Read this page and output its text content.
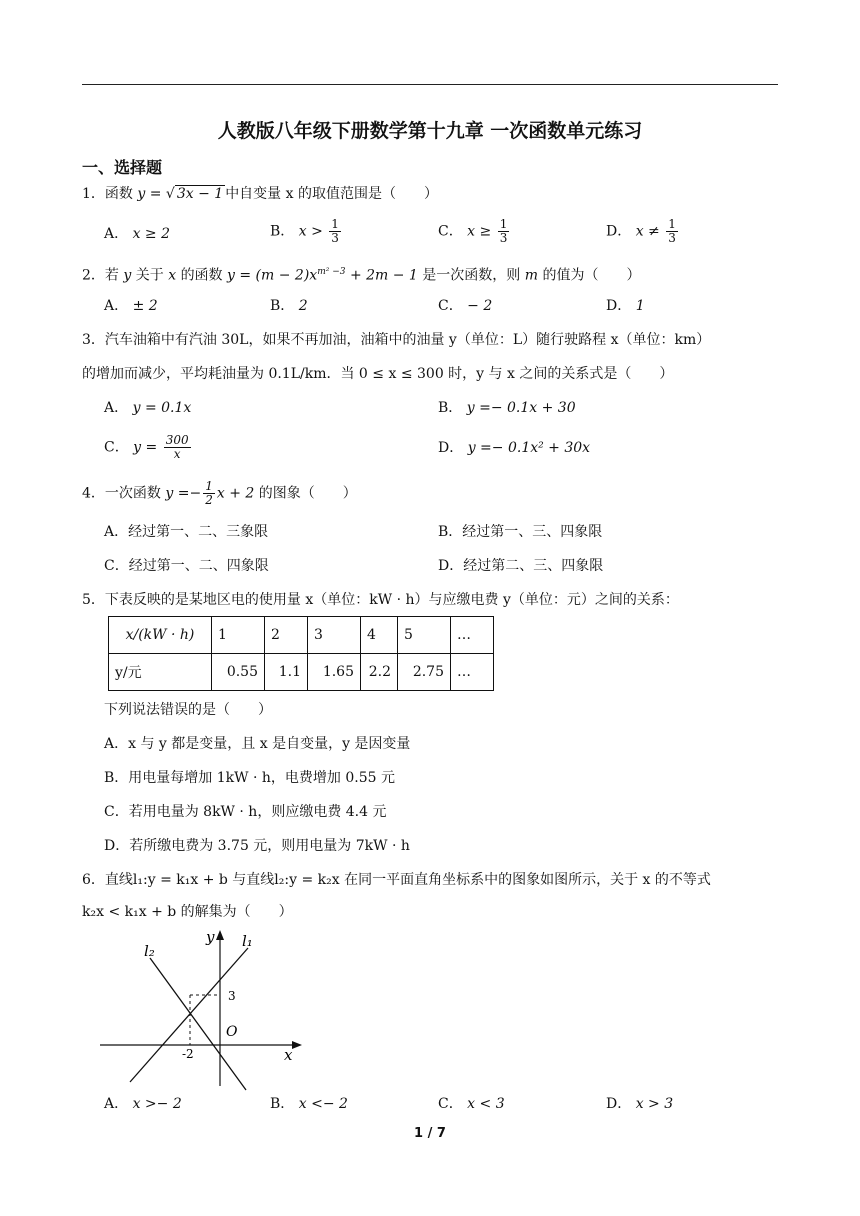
人教版八年级下册数学第十九章 一次函数单元练习
一、选择题
1．函数 y = √ 3x − 1 中自变量 x 的取值范围是（　　）
A． x ≥ 2	B． $x > \frac{1}{3}$	C． $x \ge \frac{1}{3}$	D． $x \ne \frac{1}{3}$
2．若 y 关于 x 的函数 $y = (m - 2)x^{m^2 -3} + 2m - 1$ 是一次函数，则 m 的值为（　　）
A． ± 2	B． 2	C． − 2	D． 1
3．汽车油箱中有汽油 30L，如果不再加油，油箱中的油量 y（单位：L）随行驶路程 x（单位：km）
的增加而减少，平均耗油量为 0.1L/km．当 0 ≤ x ≤ 300 时，y 与 x 之间的关系式是（　　）
A． y = 0.1x	B． y =− 0.1x + 30
C． $y = \frac{300}{x}$	D． y =− 0.1x² + 30x
4．一次函数 $y =- \frac{1}{2}$ x + 2 的图象（　　）
A．经过第一、二、三象限	B．经过第一、三、四象限
C．经过第一、二、四象限	D．经过第二、三、四象限
5．下表反映的是某地区电的使用量 x（单位：kW · h）与应缴电费 y（单位：元）之间的关系：
x/(kW · h)	1	2	3	4	5	…
y/元	0.55	1.1	1.65	2.2	2.75	…
下列说法错误的是（　　）
A．x 与 y 都是变量，且 x 是自变量，y 是因变量
B．用电量每增加 1kW · h，电费增加 0.55 元
C．若用电量为 8kW · h，则应缴电费 4.4 元
D．若所缴电费为 3.75 元，则用电量为 7kW · h
6．直线l₁:y = k₁x + b 与直线l₂:y = k₂x 在同一平面直角坐标系中的图象如图所示，关于 x 的不等式
k₂x < k₁x + b 的解集为（　　）
y l₁
l₂
3
O
-2	x
A． x >− 2	B． x <− 2	C． x < 3	D． x > 3
1 / 7
